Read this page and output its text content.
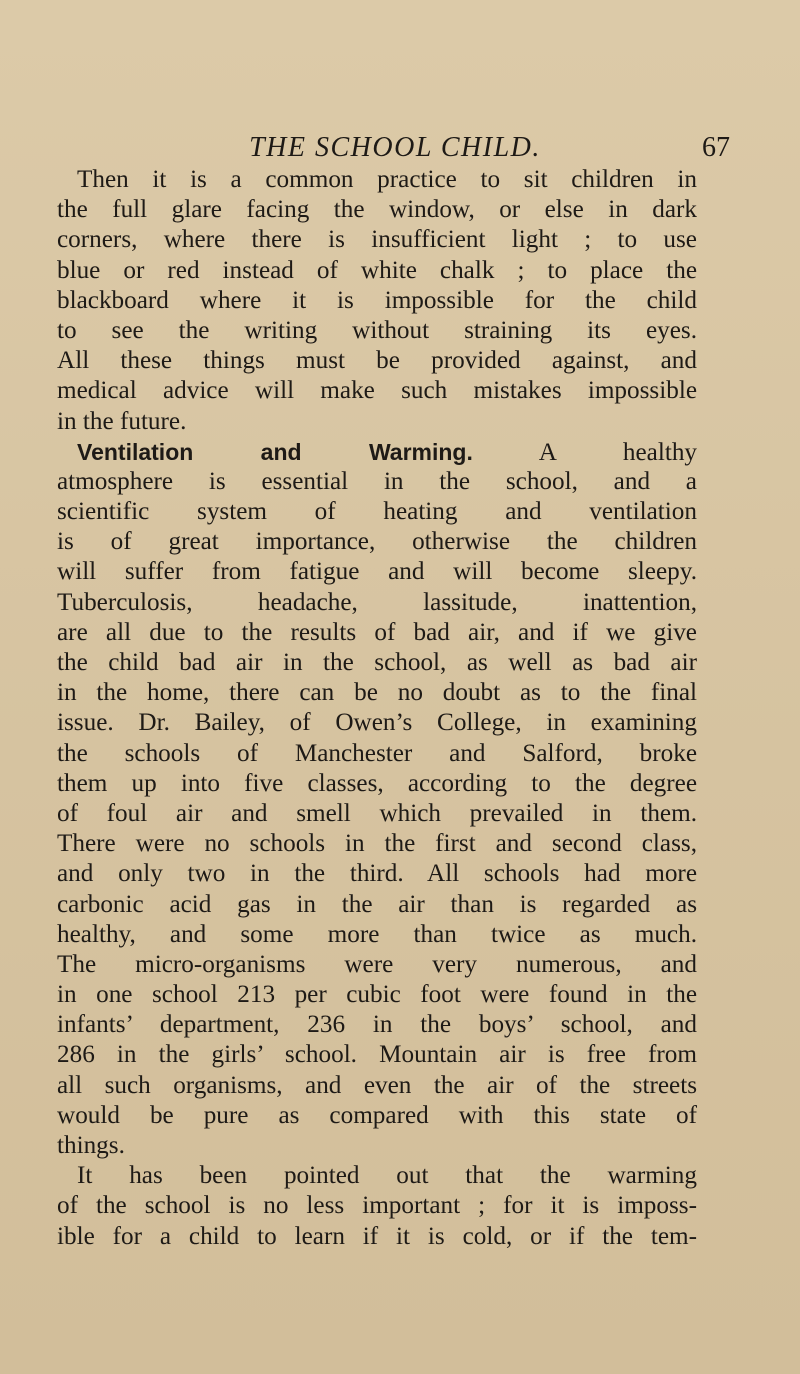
THE SCHOOL CHILD.	67
Then it is a common practice to sit children in
the full glare facing the window, or else in dark
corners, where there is insufficient light ; to use
blue or red instead of white chalk ; to place the
blackboard where it is impossible for the child
to see the writing without straining its eyes.
All these things must be provided against, and
medical advice will make such mistakes impossible
in the future.
Ventilation and Warming.	A healthy
atmosphere is essential in the school, and a
scientific system of heating and ventilation
is of great importance, otherwise the children
will suffer from fatigue and will become sleepy.
Tuberculosis, headache, lassitude, inattention,
are all due to the results of bad air, and if we give
the child bad air in the school, as well as bad air
in the home, there can be no doubt as to the final
issue. Dr. Bailey, of Owen’s College, in examining
the schools of Manchester and Salford, broke
them up into five classes, according to the degree
of foul air and smell which prevailed in them.
There were no schools in the first and second class,
and only two in the third. All schools had more
carbonic acid gas in the air than is regarded as
healthy, and some more than twice as much.
The micro-organisms were very numerous, and
in one school 213 per cubic foot were found in the
infants’ department, 236 in the boys’ school, and
286 in the girls’ school. Mountain air is free from
all such organisms, and even the air of the streets
would be pure as compared with this state of
things.
It has been pointed out that the warming
of the school is no less important ; for it is imposs-
ible for a child to learn if it is cold, or if the tem-
